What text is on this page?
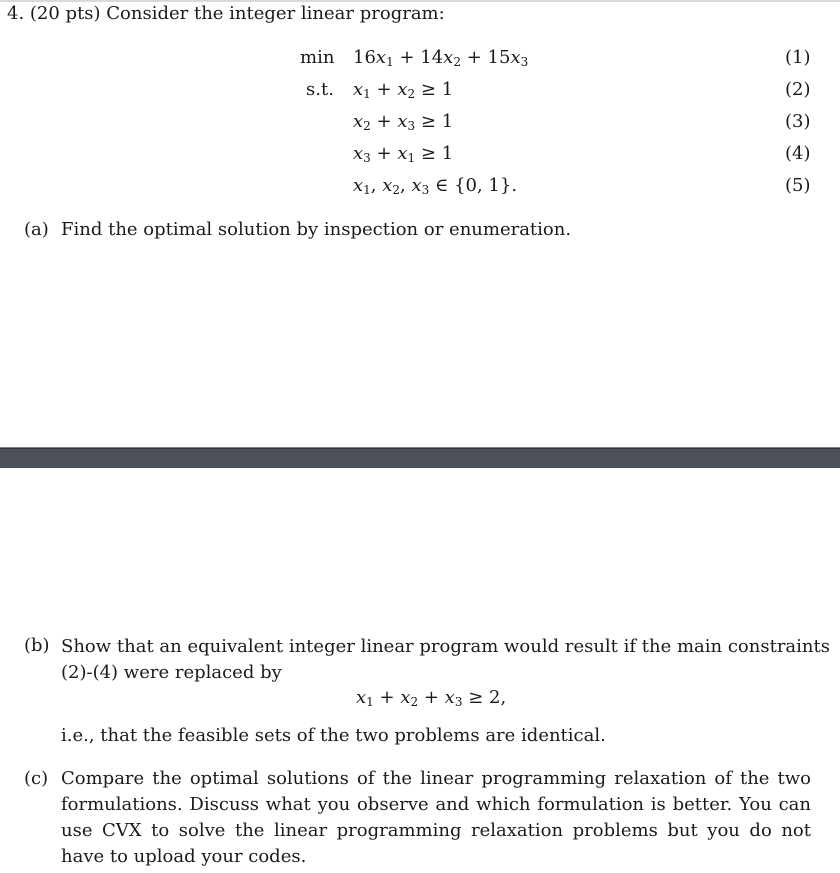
4. (20 pts) Consider the integer linear program:
$\min 16x_1 + 14x_2 + 15x_3$
s.t. $x_1 + x_2 \ge 1$
$x_2 + x_3 \ge 1$
$x_3 + x_1 \ge 1$
$x_1$, $x_2$, $x_3$ ∈ {0, 1}.
(1)
(2)
(3)
(4)
(5)
(a) Find the optimal solution by inspection or enumeration.
(b) Show that an equivalent integer linear program would result if the main constraints
(2)-(4) were replaced by
$x_1 + x_2 + x_3 \ge 2$,
i.e., that the feasible sets of the two problems are identical.
(c) Compare the optimal solutions of the linear programming relaxation of the two formulations. Discuss what you observe and which formulation is better. You can use CVX to solve the linear programming relaxation problems but you do not have to upload your codes.
